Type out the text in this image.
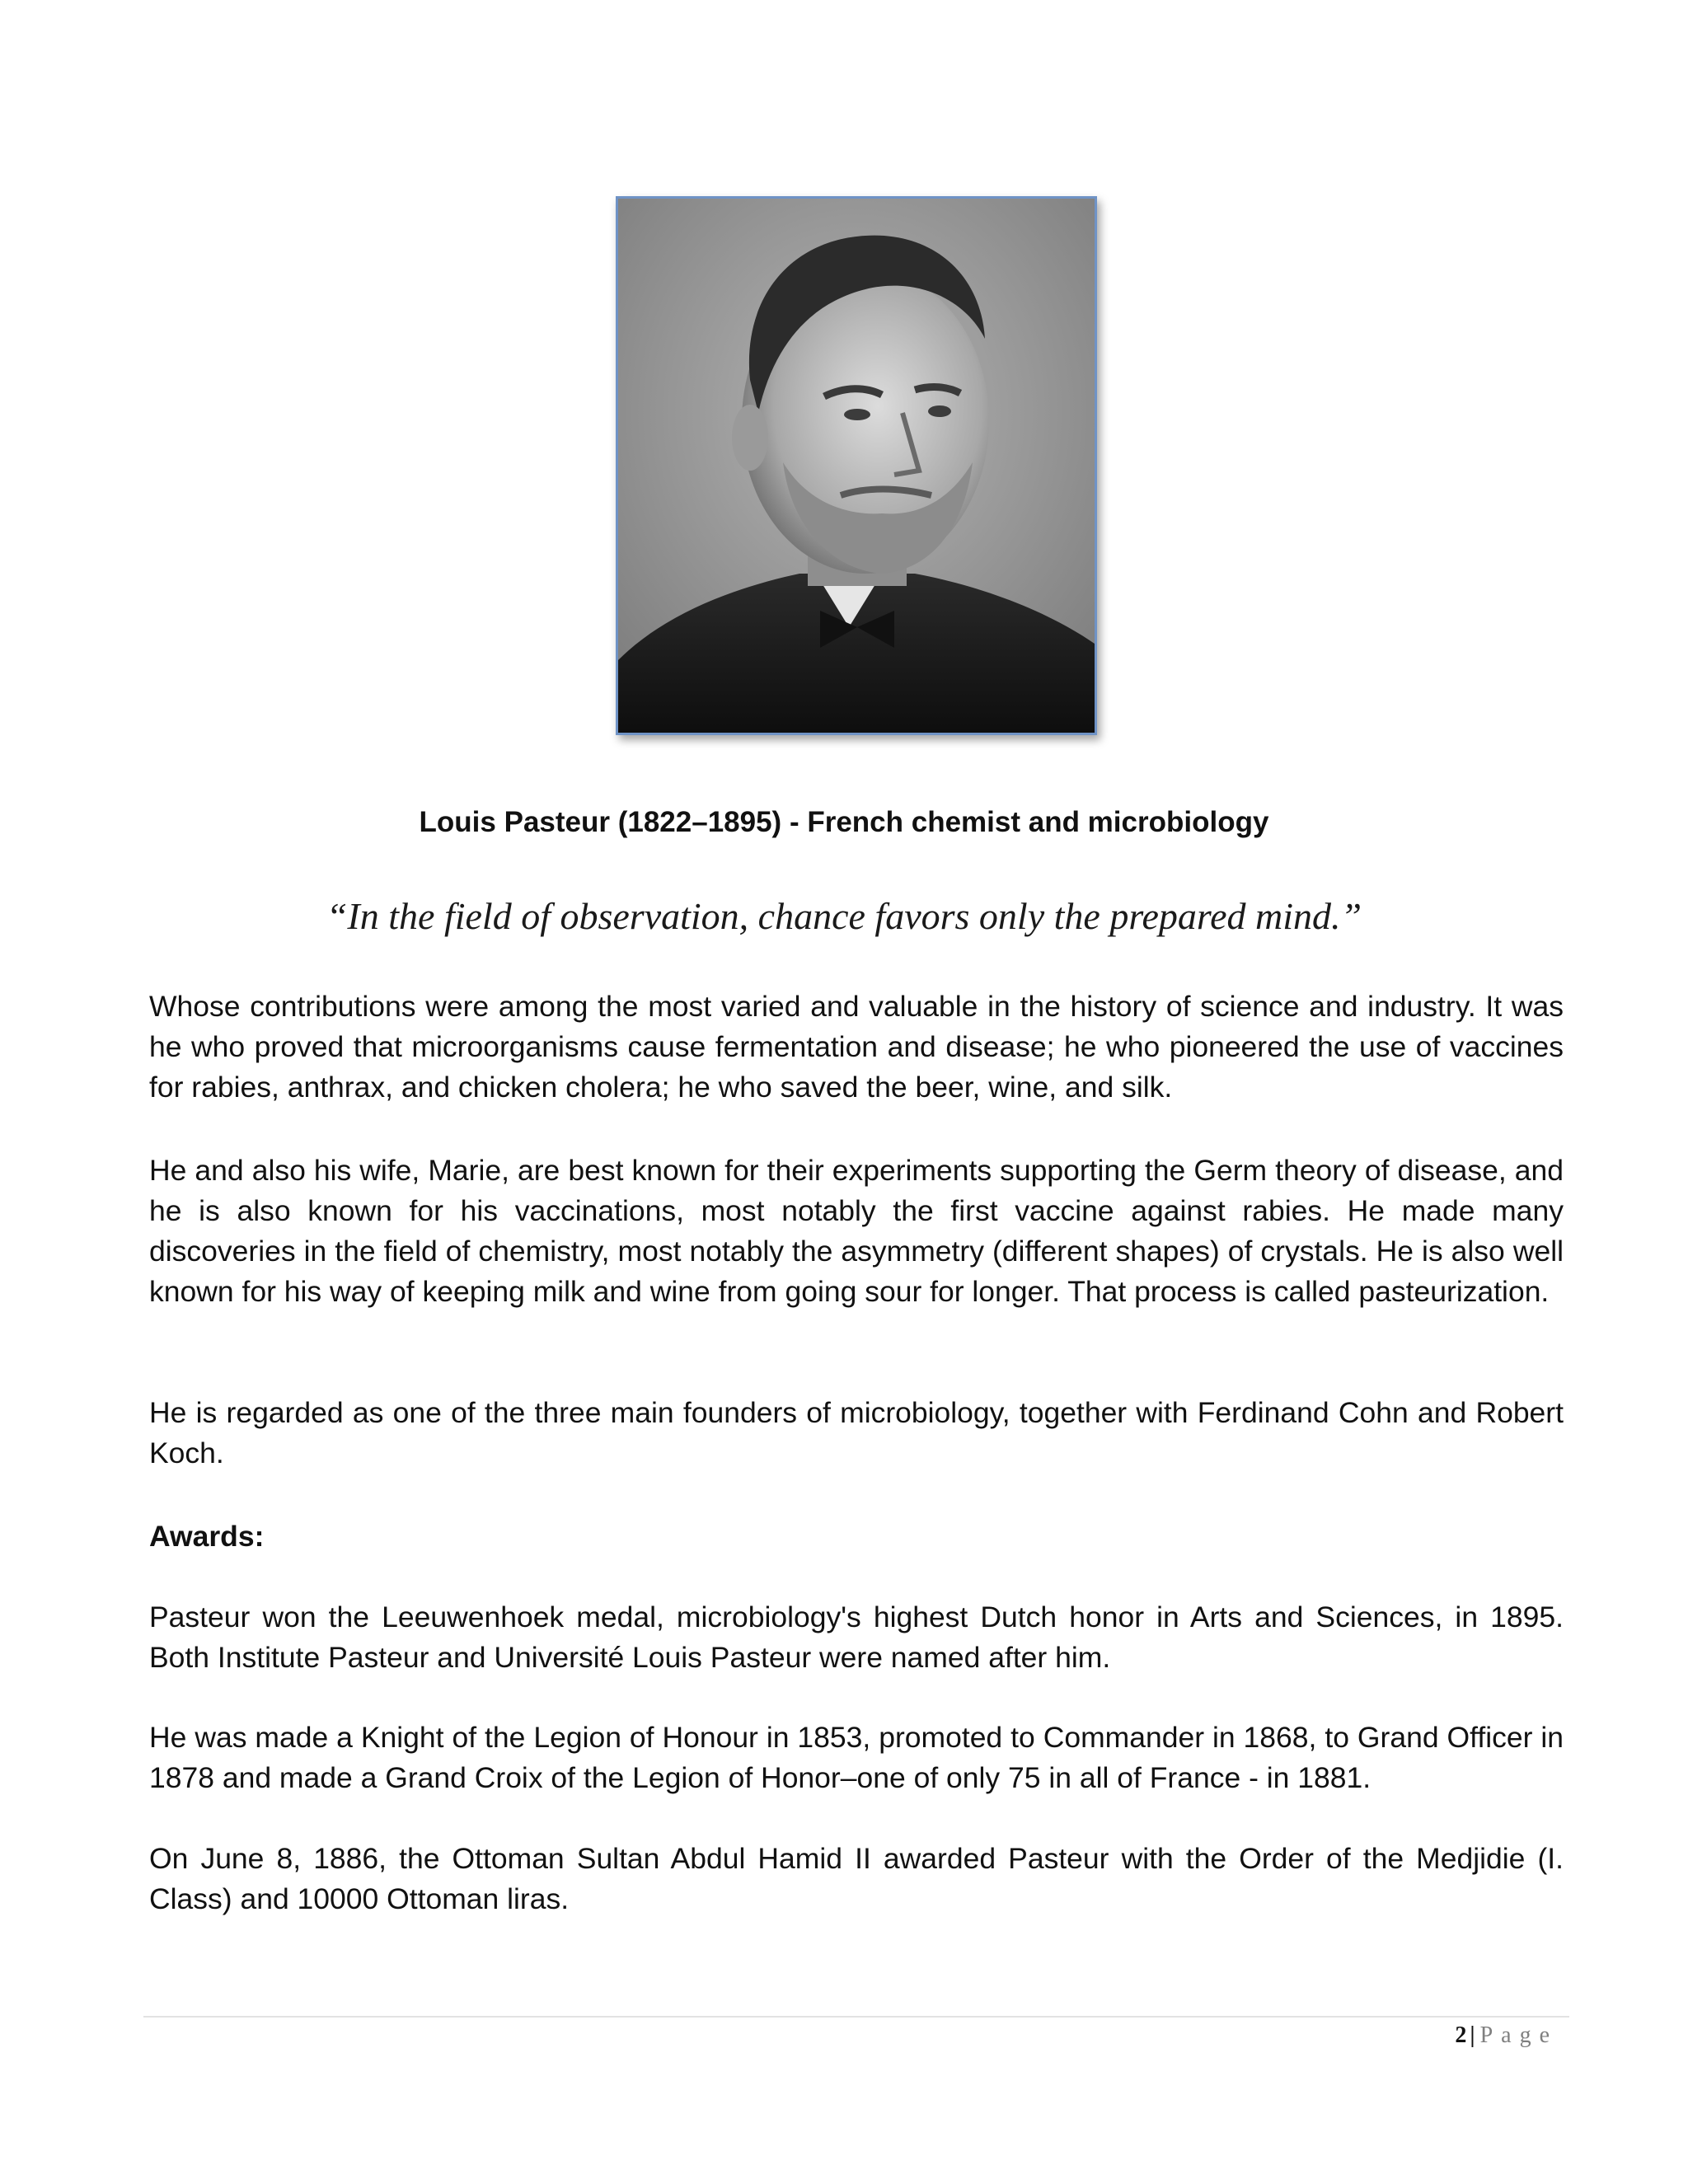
Louis Pasteur (1822–1895) - French chemist and microbiology
“In the field of observation, chance favors only the prepared mind.”

Whose contributions were among the most varied and valuable in the history of science and industry. It was he who proved that microorganisms cause fermentation and disease; he who pioneered the use of vaccines for rabies, anthrax, and chicken cholera; he who saved the beer, wine, and silk.

He and also his wife, Marie, are best known for their experiments supporting the Germ theory of disease, and he is also known for his vaccinations, most notably the first vaccine against rabies. He made many discoveries in the field of chemistry, most notably the asymmetry (different shapes) of crystals. He is also well known for his way of keeping milk and wine from going sour for longer. That process is called pasteurization.

He is regarded as one of the three main founders of microbiology, together with Ferdinand Cohn and Robert Koch.

Awards:

Pasteur won the Leeuwenhoek medal, microbiology's highest Dutch honor in Arts and Sciences, in 1895. Both Institute Pasteur and Université Louis Pasteur were named after him.

He was made a Knight of the Legion of Honour in 1853, promoted to Commander in 1868, to Grand Officer in 1878 and made a Grand Croix of the Legion of Honor–one of only 75 in all of France - in 1881.

On June 8, 1886, the Ottoman Sultan Abdul Hamid II awarded Pasteur with the Order of the Medjidie (I. Class) and 10000 Ottoman liras.

2 | Page
